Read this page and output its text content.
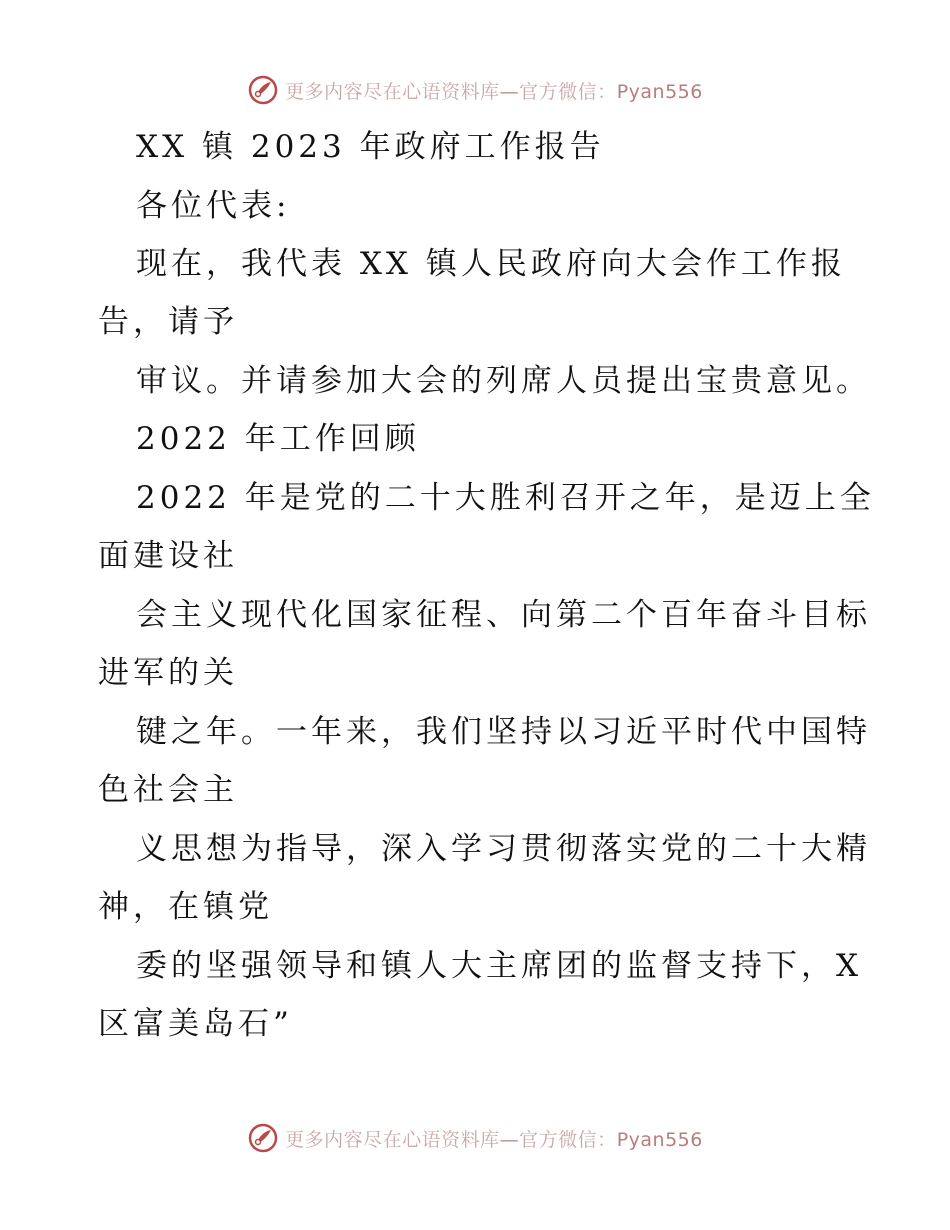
更多内容尽在心语资料库—官方微信：Pyan556
XX 镇 2023 年政府工作报告
各位代表:
现在，我代表 XX 镇人民政府向大会作工作报
告，请予
审议。并请参加大会的列席人员提出宝贵意见。
2022 年工作回顾
2022 年是党的二十大胜利召开之年，是迈上全
面建设社
会主义现代化国家征程、向第二个百年奋斗目标
进军的关
键之年。一年来，我们坚持以习近平时代中国特
色社会主
义思想为指导，深入学习贯彻落实党的二十大精
神，在镇党
委的坚强领导和镇人大主席团的监督支持下，X
区富美岛石”
更多内容尽在心语资料库—官方微信：Pyan556
